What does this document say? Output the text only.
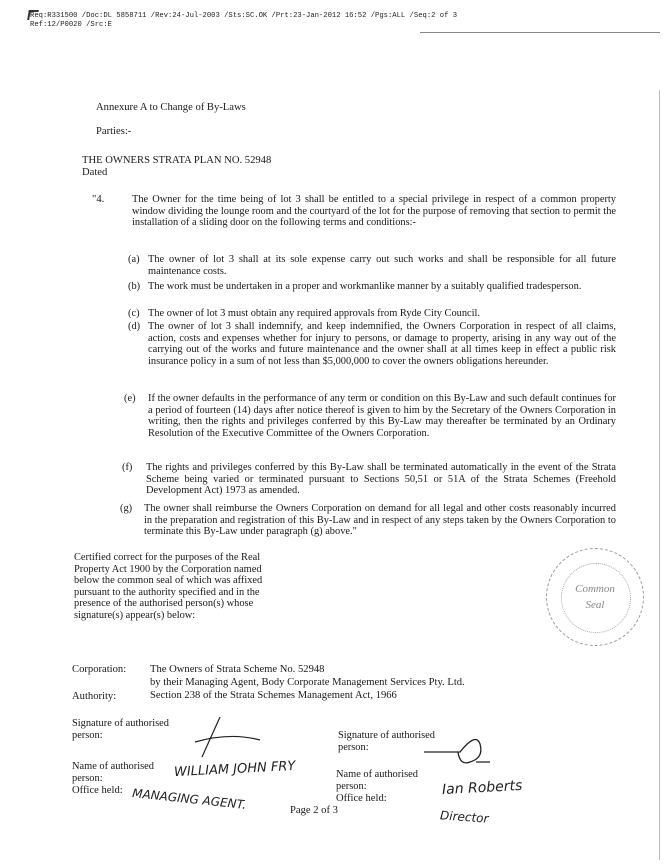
Req:R331500 /Doc:DL 5858711 /Rev:24-Jul-2003 /Sts:SC.OK /Prt:23-Jan-2012 16:52 /Pgs:ALL /Seq:2 of 3
Ref:12/P0020 /Src:E
Annexure A to Change of By-Laws
Parties:-
THE OWNERS STRATA PLAN NO. 52948
Dated
"4.	The Owner for the time being of lot 3 shall be entitled to a special privilege in respect of a common property window dividing the lounge room and the courtyard of the lot for the purpose of removing that section to permit the installation of a sliding door on the following terms and conditions:-
(a) The owner of lot 3 shall at its sole expense carry out such works and shall be responsible for all future maintenance costs.
(b) The work must be undertaken in a proper and workmanlike manner by a suitably qualified tradesperson.
(c) The owner of lot 3 must obtain any required approvals from Ryde City Council.
(d) The owner of lot 3 shall indemnify, and keep indemnified, the Owners Corporation in respect of all claims, action, costs and expenses whether for injury to persons, or damage to property, arising in any way out of the carrying out of the works and future maintenance and the owner shall at all times keep in effect a public risk insurance policy in a sum of not less than $5,000,000 to cover the owners obligations hereunder.
(e) If the owner defaults in the performance of any term or condition on this By-Law and such default continues for a period of fourteen (14) days after notice thereof is given to him by the Secretary of the Owners Corporation in writing, then the rights and privileges conferred by this By-Law may thereafter be terminated by an Ordinary Resolution of the Executive Committee of the Owners Corporation.
(f) The rights and privileges conferred by this By-Law shall be terminated automatically in the event of the Strata Scheme being varied or terminated pursuant to Sections 50,51 or 51A of the Strata Schemes (Freehold Development Act) 1973 as amended.
(g) The owner shall reimburse the Owners Corporation on demand for all legal and other costs reasonably incurred in the preparation and registration of this By-Law and in respect of any steps taken by the Owners Corporation to terminate this By-Law under paragraph (g) above."
Certified correct for the purposes of the Real Property Act 1900 by the Corporation named below the common seal of which was affixed pursuant to the authority specified and in the presence of the authorised person(s) whose signature(s) appear(s) below:
Common
Seal
Corporation: The Owners of Strata Scheme No. 52948
by their Managing Agent, Body Corporate Management Services Pty. Ltd.
Authority:	Section 238 of the Strata Schemes Management Act, 1966
Signature of authorised person:	Signature of authorised person:
Name of authorised person:
Office held:
WILLIAM JOHN FRY
MANAGING AGENT.
Name of authorised person:
Office held:
Ian Roberts
Director
Page 2 of 3
